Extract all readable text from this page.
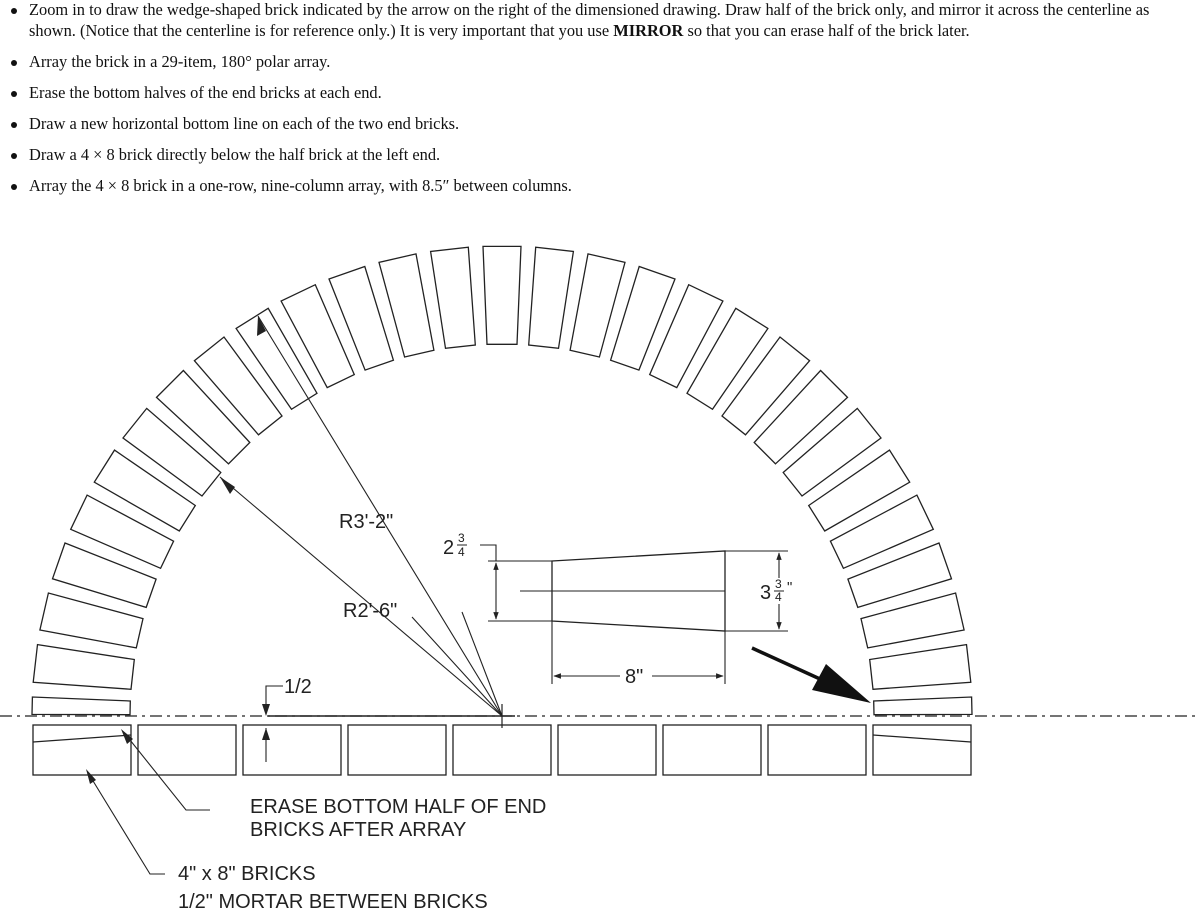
Zoom in to draw the wedge-shaped brick indicated by the arrow on the right of the dimensioned drawing. Draw half of the brick only, and mirror it across the centerline as shown. (Notice that the centerline is for reference only.) It is very important that you use MIRROR so that you can erase half of the brick later.
Array the brick in a 29-item, 180° polar array.
Erase the bottom halves of the end bricks at each end.
Draw a new horizontal bottom line on each of the two end bricks.
Draw a 4 × 8 brick directly below the half brick at the left end.
Array the 4 × 8 brick in a one-row, nine-column array, with 8.5″ between columns.
R3'-2"
R2'-6"
1/2
2 3
4
3 3
4
"
8"
ERASE BOTTOM HALF OF END
BRICKS AFTER ARRAY
4" x 8" BRICKS
1/2" MORTAR BETWEEN BRICKS
